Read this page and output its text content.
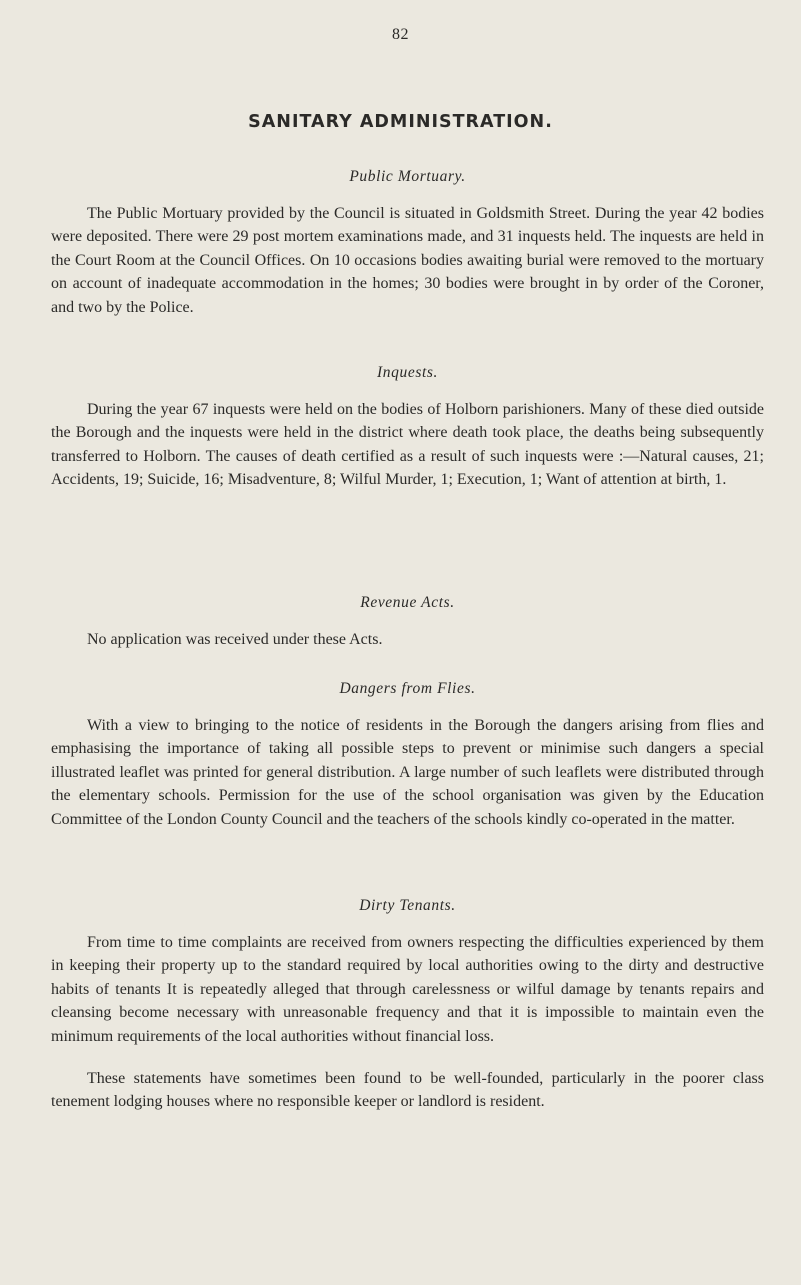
82
SANITARY ADMINISTRATION.
Public Mortuary.

The Public Mortuary provided by the Council is situated in Goldsmith Street. During the year 42 bodies were deposited. There were 29 post mortem examinations made, and 31 inquests held. The inquests are held in the Court Room at the Council Offices. On 10 occasions bodies awaiting burial were removed to the mortuary on account of inadequate accommodation in the homes; 30 bodies were brought in by order of the Coroner, and two by the Police.

Inquests.

During the year 67 inquests were held on the bodies of Holborn parishioners. Many of these died outside the Borough and the inquests were held in the district where death took place, the deaths being subsequently transferred to Holborn. The causes of death certified as a result of such inquests were :—Natural causes, 21; Accidents, 19; Suicide, 16; Misadventure, 8; Wilful Murder, 1; Execution, 1; Want of attention at birth, 1.

Revenue Acts.

No application was received under these Acts.

Dangers from Flies.

With a view to bringing to the notice of residents in the Borough the dangers arising from flies and emphasising the importance of taking all possible steps to prevent or minimise such dangers a special illustrated leaflet was printed for general distribution. A large number of such leaflets were distributed through the elementary schools. Permission for the use of the school organisation was given by the Education Committee of the London County Council and the teachers of the schools kindly co-operated in the matter.

Dirty Tenants.

From time to time complaints are received from owners respecting the difficulties experienced by them in keeping their property up to the standard required by local authorities owing to the dirty and destructive habits of tenants It is repeatedly alleged that through carelessness or wilful damage by tenants repairs and cleansing become necessary with unreasonable frequency and that it is impossible to maintain even the minimum requirements of the local authorities without financial loss.

These statements have sometimes been found to be well-founded, particularly in the poorer class tenement lodging houses where no responsible keeper or landlord is resident.
